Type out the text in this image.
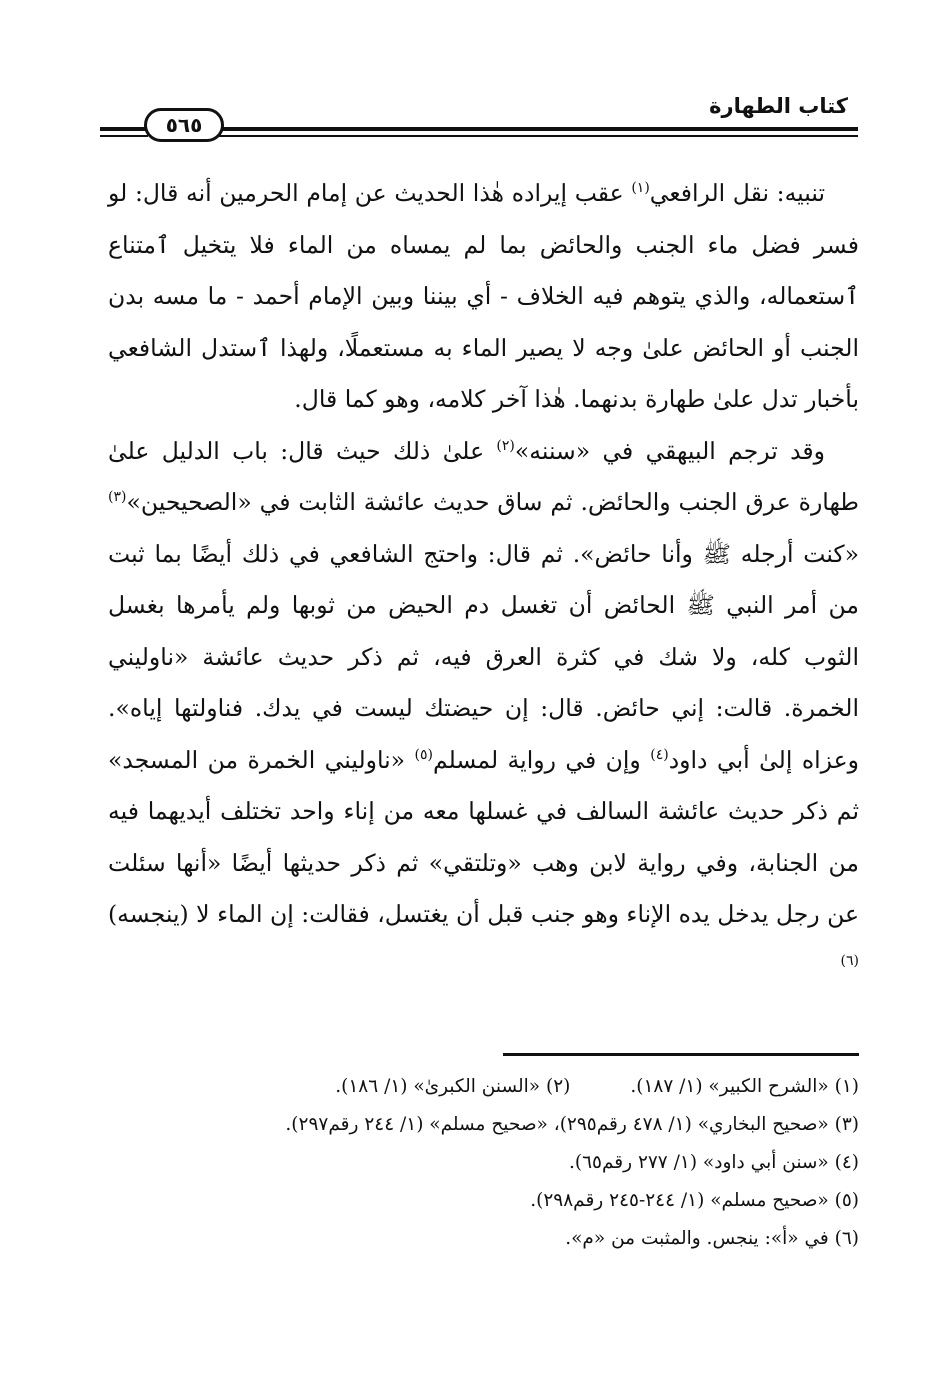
كتاب الطهارة
٥٦٥

تنبيه: نقل الرافعي$^{(١)}$ عقب إيراده هٰذا الحديث عن إمام الحرمين أنه قال: لو فسر فضل ماء الجنب والحائض بما لم يمساه من الماء فلا يتخيل ٱمتناع ٱستعماله، والذي يتوهم فيه الخلاف - أي بيننا وبين الإمام أحمد - ما مسه بدن الجنب أو الحائض علىٰ وجه لا يصير الماء به مستعملًا، ولهذا ٱستدل الشافعي بأخبار تدل علىٰ طهارة بدنهما. هٰذا آخر كلامه، وهو كما قال.

وقد ترجم البيهقي في «سننه»$^{(٢)}$ علىٰ ذلك حيث قال: باب الدليل علىٰ طهارة عرق الجنب والحائض. ثم ساق حديث عائشة الثابت في «الصحيحين»$^{(٣)}$ «كنت أرجله ﷺ وأنا حائض». ثم قال: واحتج الشافعي في ذلك أيضًا بما ثبت من أمر النبي ﷺ الحائض أن تغسل دم الحيض من ثوبها ولم يأمرها بغسل الثوب كله، ولا شك في كثرة العرق فيه، ثم ذكر حديث عائشة «ناوليني الخمرة. قالت: إني حائض. قال: إن حيضتك ليست في يدك. فناولتها إياه». وعزاه إلىٰ أبي داود$^{(٤)}$ وإن في رواية لمسلم$^{(٥)}$ «ناوليني الخمرة من المسجد» ثم ذكر حديث عائشة السالف في غسلها معه من إناء واحد تختلف أيديهما فيه من الجنابة، وفي رواية لابن وهب «وتلتقي» ثم ذكر حديثها أيضًا «أنها سئلت عن رجل يدخل يده الإناء وهو جنب قبل أن يغتسل، فقالت: إن الماء لا (ينجسه)$^{(٦)}$

(١) «الشرح الكبير» (١/ ١٨٧).(٢) «السنن الكبرىٰ» (١/ ١٨٦).
(٣) «صحيح البخاري» (١/ ٤٧٨ رقم٢٩٥)، «صحيح مسلم» (١/ ٢٤٤ رقم٢٩٧).
(٤) «سنن أبي داود» (١/ ٢٧٧ رقم٦٥).
(٥) «صحيح مسلم» (١/ ٢٤٤-٢٤٥ رقم٢٩٨).
(٦) في «أ»: ينجس. والمثبت من «م».
